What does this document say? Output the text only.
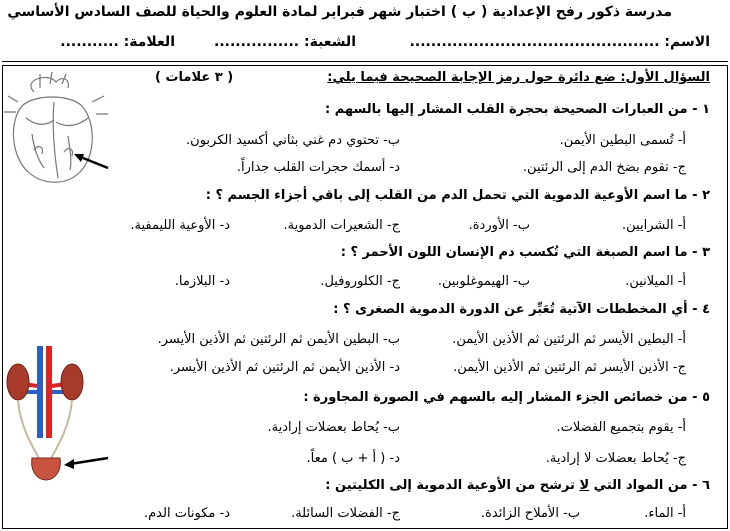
مدرسة ذكور رفح الإعدادية ( ب ) اختبار شهر فبراير لمادة العلوم والحياة للصف السادس الأساسي
الاسم: ...............................................
الشعبة: ................
العلامة: ...........
السؤال الأول: ضع دائرة حول رمز الإجابة الصحيحة فيما يلي:
( ٣ علامات )
١ - من العبارات الصحيحة بحجرة القلب المشار إليها بالسهم :
أ- تُسمى البطين الأيمن.
ب- تحتوي دم غني بثاني أكسيد الكربون.
ج- تقوم بضخ الدم إلى الرئتين.
د- أسمك حجرات القلب جداراً.
٢ - ما اسم الأوعية الدموية التي تحمل الدم من القلب إلى باقي أجزاء الجسم ؟ :
أ- الشرايين.
ب- الأوردة.
ج- الشعيرات الدموية.
د- الأوعية الليمفية.
٣ - ما اسم الصبغة التي تُكسب دم الإنسان اللون الأحمر ؟ :
أ- الميلانين.
ب- الهيموغلوبين.
ج- الكلوروفيل.
د- البلازما.
٤ - أي المخططات الآتية تُعَبِّر عن الدورة الدموية الصغرى ؟ :
أ- البطين الأيسر ثم الرئتين ثم الأذين الأيمن.
ب- البطين الأيمن ثم الرئتين ثم الأذين الأيسر.
ج- الأذين الأيسر ثم الرئتين ثم الأذين الأيمن.
د- الأذين الأيمن ثم الرئتين ثم الأذين الأيسر.
٥ - من خصائص الجزء المشار إليه بالسهم في الصورة المجاورة :
أ- يقوم بتجميع الفضلات.
ب- يُحاط بعضلات إرادية.
ج- يُحاط بعضلات لا إرادية.
د- ( أ + ب ) معاً.
٦ - من المواد التي لا ترشح من الأوعية الدموية إلى الكليتين :
أ- الماء.
ب- الأملاح الزائدة.
ج- الفضلات السائلة.
د- مكونات الدم.
